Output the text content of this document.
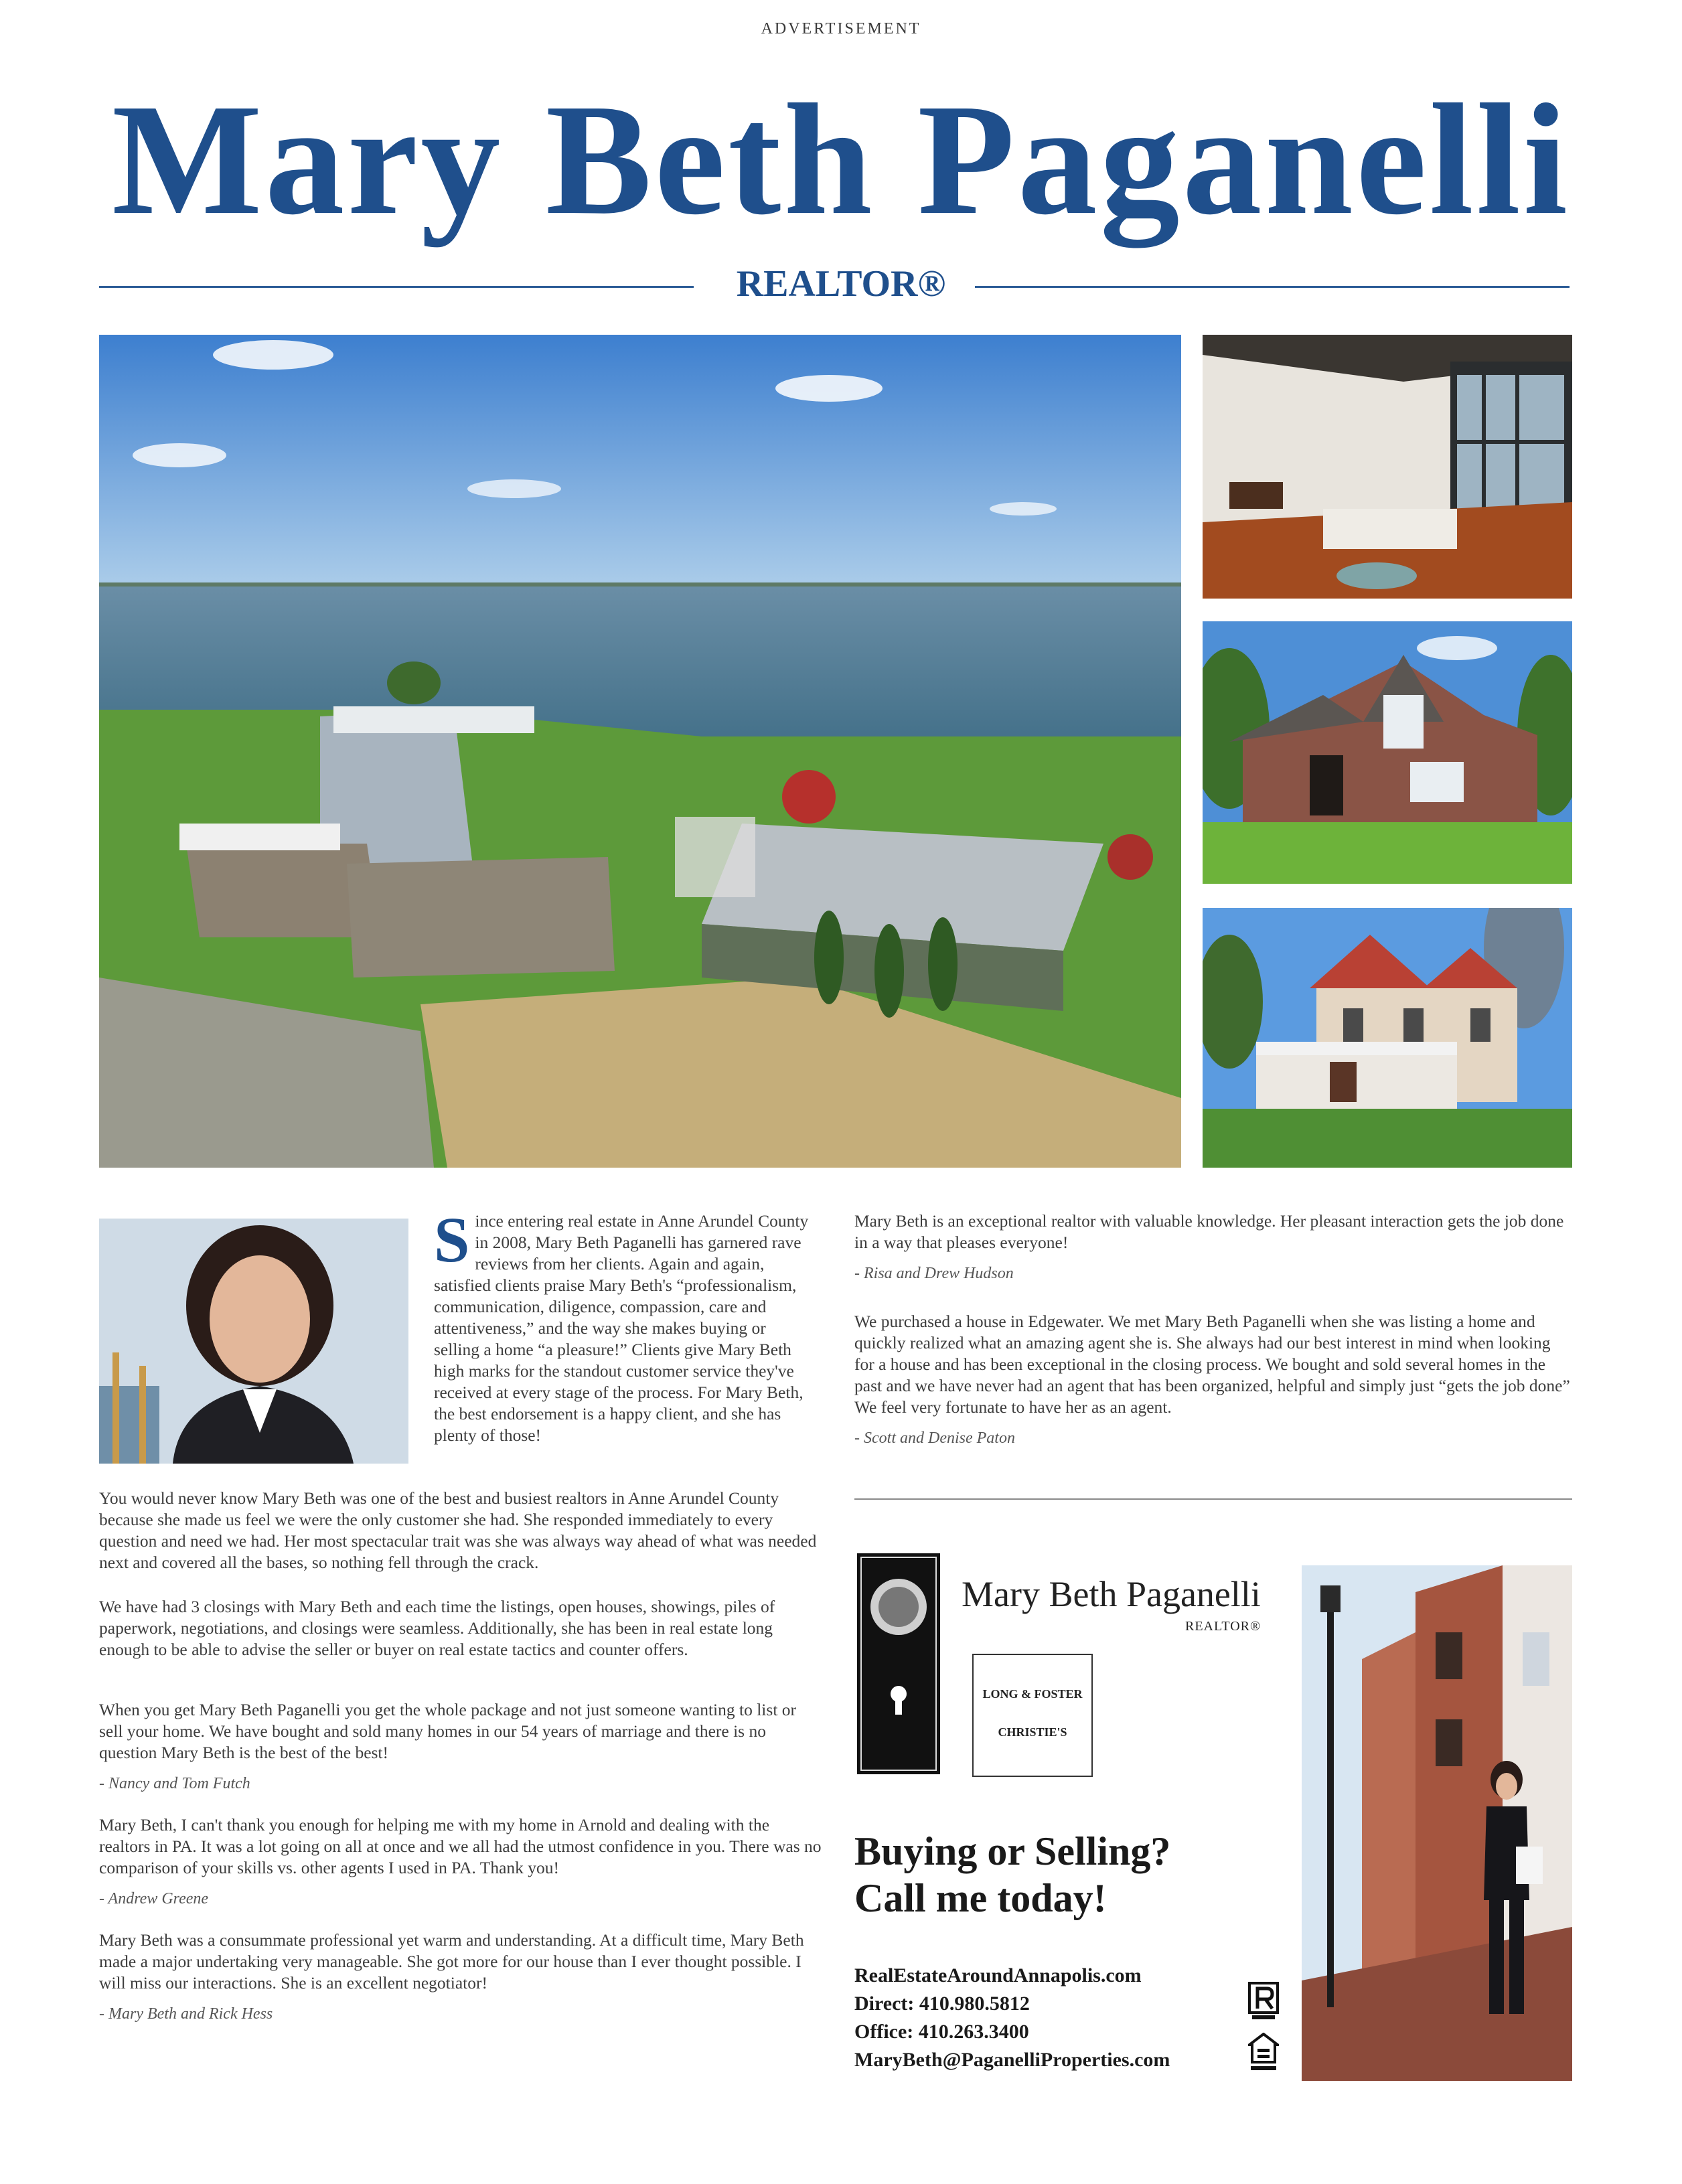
ADVERTISEMENT
Mary Beth Paganelli
REALTOR®

Since entering real estate in Anne Arundel County in 2008, Mary Beth Paganelli has garnered rave reviews from her clients. Again and again, satisfied clients praise Mary Beth's “professionalism, communication, diligence, compassion, care and attentiveness,” and the way she makes buying or selling a home “a pleasure!” Clients give Mary Beth high marks for the standout customer service they've received at every stage of the process. For Mary Beth, the best endorsement is a happy client, and she has plenty of those!

You would never know Mary Beth was one of the best and busiest realtors in Anne Arundel County because she made us feel we were the only customer she had. She responded immediately to every question and need we had. Her most spectacular trait was she was always way ahead of what was needed next and covered all the bases, so nothing fell through the crack.

We have had 3 closings with Mary Beth and each time the listings, open houses, showings, piles of paperwork, negotiations, and closings were seamless. Additionally, she has been in real estate long enough to be able to advise the seller or buyer on real estate tactics and counter offers.

When you get Mary Beth Paganelli you get the whole package and not just someone wanting to list or sell your home. We have bought and sold many homes in our 54 years of marriage and there is no question Mary Beth is the best of the best!

- Nancy and Tom Futch

Mary Beth, I can't thank you enough for helping me with my home in Arnold and dealing with the realtors in PA. It was a lot going on all at once and we all had the utmost confidence in you. There was no comparison of your skills vs. other agents I used in PA. Thank you!

- Andrew Greene

Mary Beth was a consummate professional yet warm and understanding. At a difficult time, Mary Beth made a major undertaking very manageable. She got more for our house than I ever thought possible. I will miss our interactions. She is an excellent negotiator!

- Mary Beth and Rick Hess

Mary Beth is an exceptional realtor with valuable knowledge. Her pleasant interaction gets the job done in a way that pleases everyone!

- Risa and Drew Hudson

We purchased a house in Edgewater. We met Mary Beth Paganelli when she was listing a home and quickly realized what an amazing agent she is. She always had our best interest in mind when looking for a house and has been exceptional in the closing process. We bought and sold several homes in the past and we have never had an agent that has been organized, helpful and simply just “gets the job done” We feel very fortunate to have her as an agent.

- Scott and Denise Paton

Mary Beth Paganelli
REALTOR®
LONG & FOSTER
CHRISTIE'S
Buying or Selling?
Call me today!
RealEstateAroundAnnapolis.com
Direct: 410.980.5812
Office: 410.263.3400
MaryBeth@PaganelliProperties.com
